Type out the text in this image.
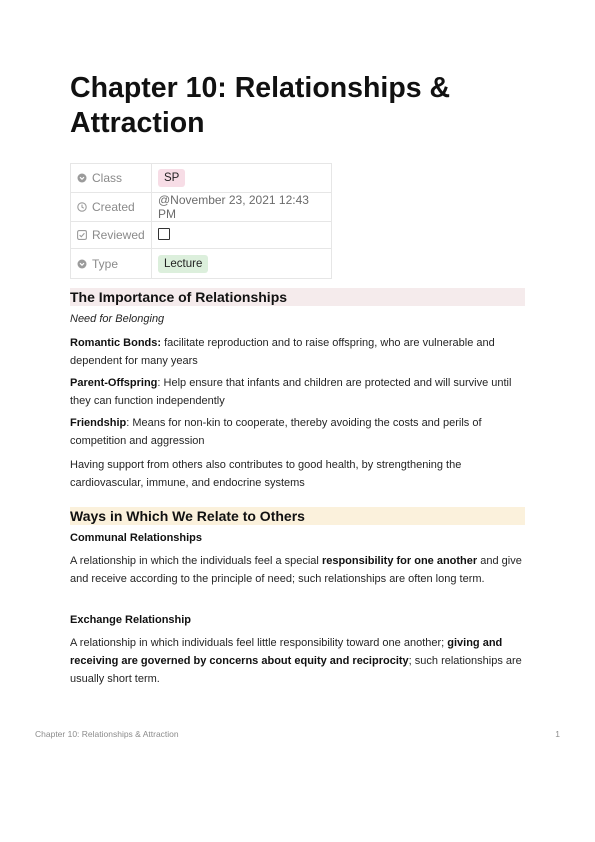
Chapter 10: Relationships & Attraction
Class	SP
Created	@November 23, 2021 12:43 PM
Reviewed	
Type	Lecture
The Importance of Relationships

Need for Belonging

Romantic Bonds: facilitate reproduction and to raise offspring, who are vulnerable and dependent for many years

Parent-Offspring: Help ensure that infants and children are protected and will survive until they can function independently

Friendship: Means for non-kin to cooperate, thereby avoiding the costs and perils of competition and aggression

Having support from others also contributes to good health, by strengthening the cardiovascular, immune, and endocrine systems

Ways in Which We Relate to Others

Communal Relationships

A relationship in which the individuals feel a special responsibility for one another and give and receive according to the principle of need; such relationships are often long term.

Exchange Relationship

A relationship in which individuals feel little responsibility toward one another; giving and receiving are governed by concerns about equity and reciprocity; such relationships are usually short term.

Chapter 10: Relationships & Attraction	1
